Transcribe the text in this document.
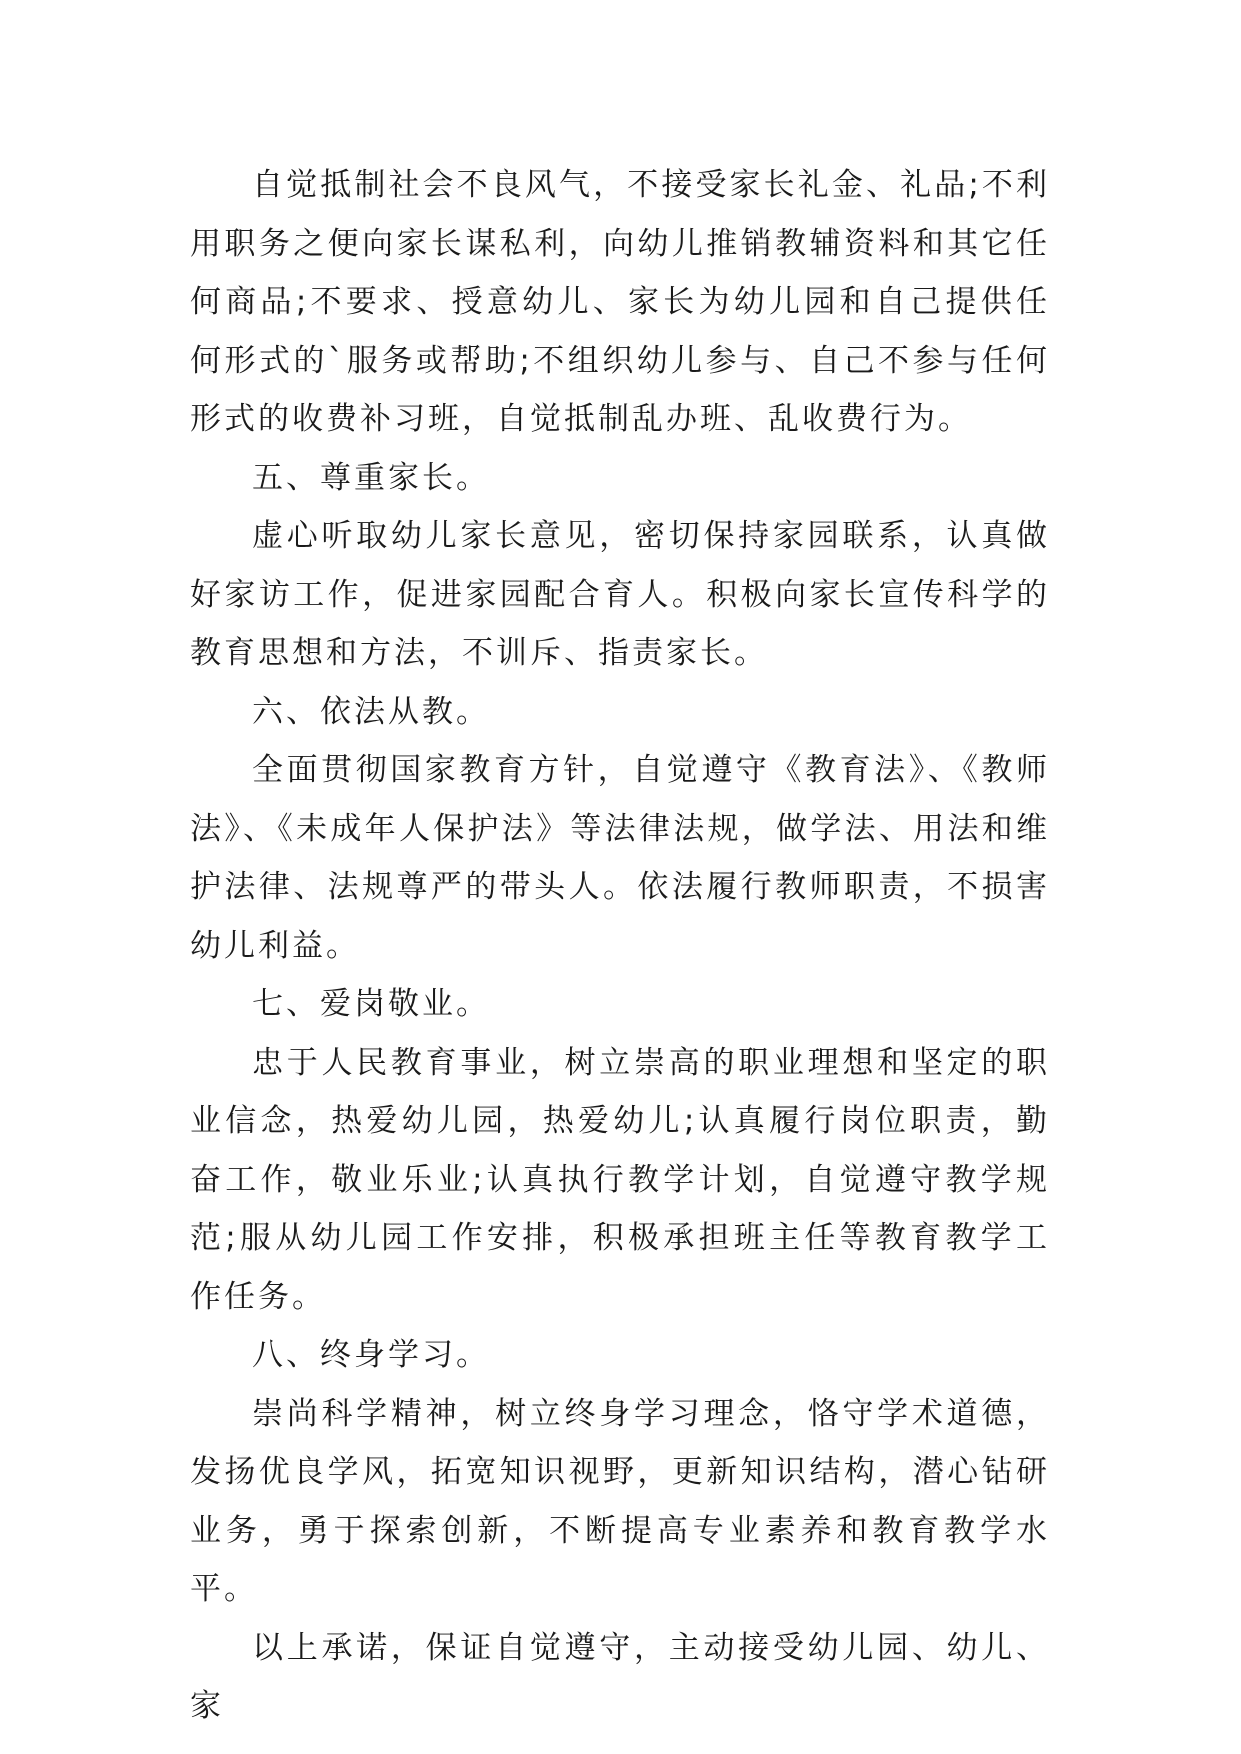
自觉抵制社会不良风气，不接受家长礼金、礼品;不利用职务之便向家长谋私利，向幼儿推销教辅资料和其它任何商品;不要求、授意幼儿、家长为幼儿园和自己提供任何形式的`服务或帮助;不组织幼儿参与、自己不参与任何形式的收费补习班，自觉抵制乱办班、乱收费行为。

五、尊重家长。

虚心听取幼儿家长意见，密切保持家园联系，认真做好家访工作，促进家园配合育人。积极向家长宣传科学的教育思想和方法，不训斥、指责家长。

六、依法从教。

全面贯彻国家教育方针，自觉遵守《教育法》、《教师法》、《未成年人保护法》等法律法规，做学法、用法和维护法律、法规尊严的带头人。依法履行教师职责，不损害幼儿利益。

七、爱岗敬业。

忠于人民教育事业，树立崇高的职业理想和坚定的职业信念，热爱幼儿园，热爱幼儿;认真履行岗位职责，勤奋工作，敬业乐业;认真执行教学计划，自觉遵守教学规范;服从幼儿园工作安排，积极承担班主任等教育教学工作任务。

八、终身学习。

崇尚科学精神，树立终身学习理念，恪守学术道德，发扬优良学风，拓宽知识视野，更新知识结构，潜心钻研业务，勇于探索创新，不断提高专业素养和教育教学水平。

以上承诺，保证自觉遵守，主动接受幼儿园、幼儿、家
